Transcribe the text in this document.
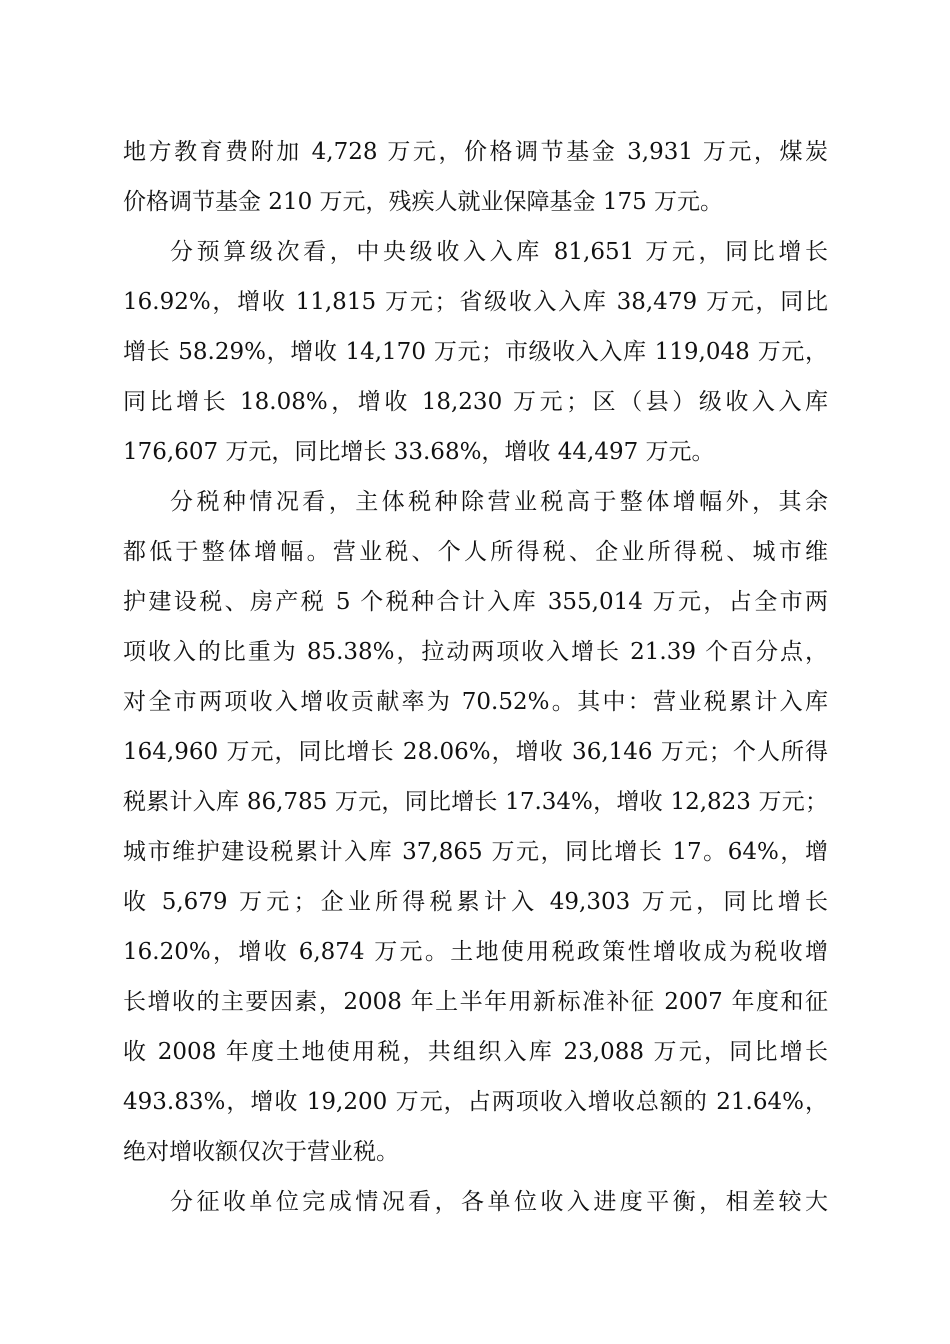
地方教育费附加 4,728 万元，价格调节基金 3,931 万元，煤炭
价格调节基金 210 万元，残疾人就业保障基金 175 万元。
分预算级次看，中央级收入入库 81,651 万元，同比增长
16.92%，增收 11,815 万元；省级收入入库 38,479 万元，同比
增长 58.29%，增收 14,170 万元；市级收入入库 119,048 万元，
同比增长 18.08%，增收 18,230 万元；区（县）级收入入库
176,607 万元，同比增长 33.68%，增收 44,497 万元。
分税种情况看，主体税种除营业税高于整体增幅外，其余
都低于整体增幅。营业税、个人所得税、企业所得税、城市维
护建设税、房产税 5 个税种合计入库 355,014 万元，占全市两
项收入的比重为 85.38%，拉动两项收入增长 21.39 个百分点，
对全市两项收入增收贡献率为 70.52%。其中：营业税累计入库
164,960 万元，同比增长 28.06%，增收 36,146 万元；个人所得
税累计入库 86,785 万元，同比增长 17.34%，增收 12,823 万元；
城市维护建设税累计入库 37,865 万元，同比增长 17。64%，增
收 5,679 万元；企业所得税累计入 49,303 万元，同比增长
16.20%，增收 6,874 万元。土地使用税政策性增收成为税收增
长增收的主要因素，2008 年上半年用新标准补征 2007 年度和征
收 2008 年度土地使用税，共组织入库 23,088 万元，同比增长
493.83%，增收 19,200 万元，占两项收入增收总额的 21.64%，
绝对增收额仅次于营业税。
分征收单位完成情况看，各单位收入进度平衡，相差较大
